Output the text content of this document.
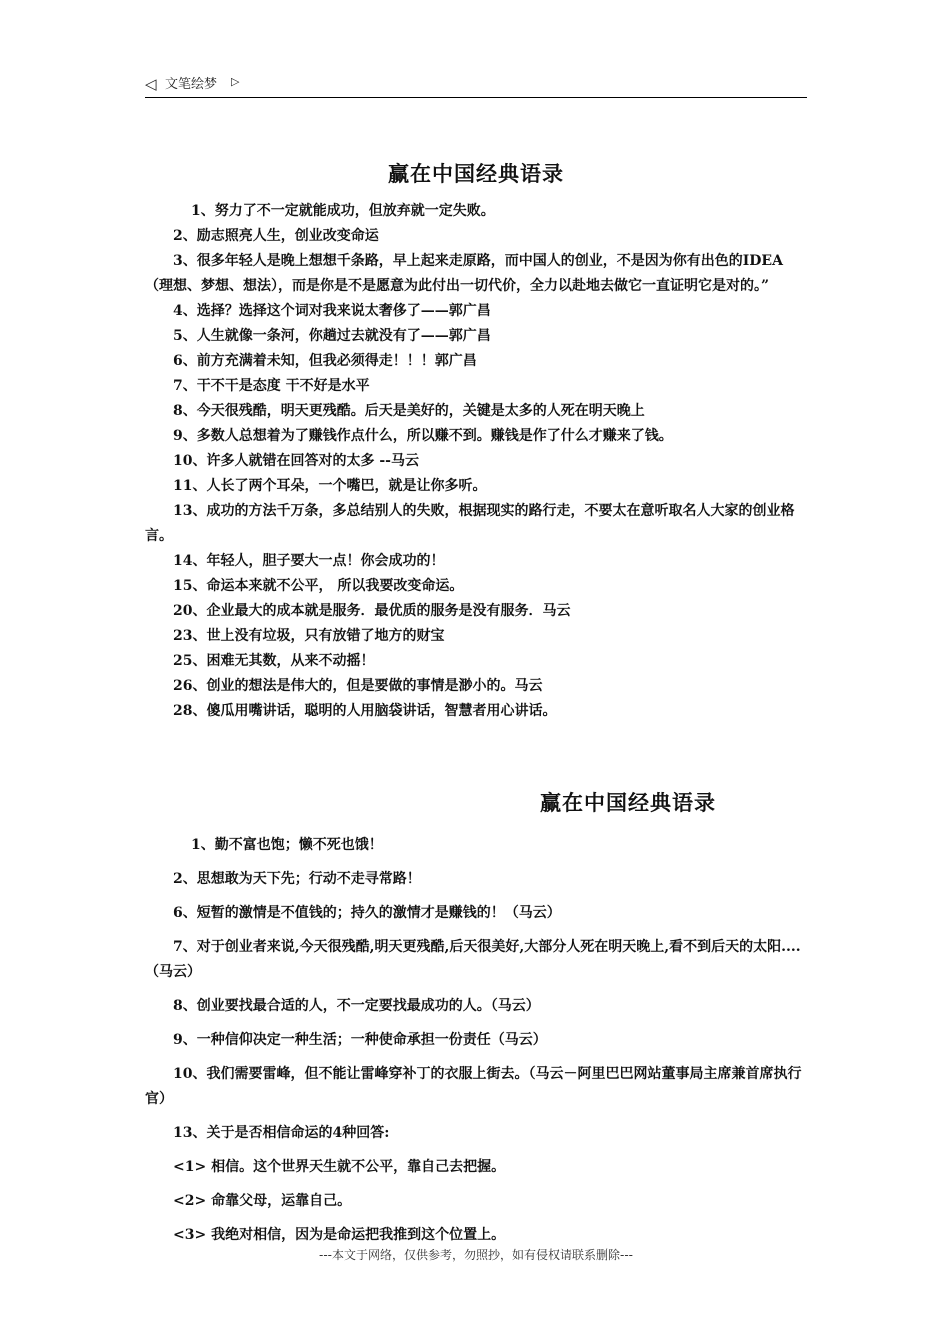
◁ 文笔绘梦 ▷
赢在中国经典语录

1、努力了不一定就能成功，但放弃就一定失败。

2、励志照亮人生，创业改变命运

3、很多年轻人是晚上想想千条路，早上起来走原路，而中国人的创业，不是因为你有出色的IDEA（理想、梦想、想法），而是你是不是愿意为此付出一切代价，全力以赴地去做它一直证明它是对的。”

4、选择？选择这个词对我来说太奢侈了——郭广昌

5、人生就像一条河，你趟过去就没有了——郭广昌

6、前方充满着未知，但我必须得走！！！郭广昌

7、干不干是态度 干不好是水平

8、今天很残酷，明天更残酷。后天是美好的，关键是太多的人死在明天晚上

9、多数人总想着为了赚钱作点什么，所以赚不到。赚钱是作了什么才赚来了钱。

10、许多人就错在回答对的太多 --马云

11、人长了两个耳朵，一个嘴巴，就是让你多听。

13、成功的方法千万条，多总结别人的失败，根据现实的路行走，不要太在意听取名人大家的创业格言。

14、年轻人，胆子要大一点！你会成功的！

15、命运本来就不公平， 所以我要改变命运。

20、企业最大的成本就是服务．最优质的服务是没有服务．马云

23、世上没有垃圾，只有放错了地方的财宝

25、困难无其数，从来不动摇！

26、创业的想法是伟大的，但是要做的事情是渺小的。马云

28、傻瓜用嘴讲话，聪明的人用脑袋讲话，智慧者用心讲话。

赢在中国经典语录

1、勤不富也饱；懒不死也饿！

2、思想敢为天下先；行动不走寻常路！

6、短暂的激情是不值钱的；持久的激情才是赚钱的！（马云）

7、对于创业者来说,今天很残酷,明天更残酷,后天很美好,大部分人死在明天晚上,看不到后天的太阳....（马云）

8、创业要找最合适的人，不一定要找最成功的人。（马云）

9、一种信仰决定一种生活；一种使命承担一份责任（马云）

10、我们需要雷峰，但不能让雷峰穿补丁的衣服上街去。（马云－阿里巴巴网站董事局主席兼首席执行官）

13、关于是否相信命运的4种回答:

<1> 相信。这个世界天生就不公平，靠自己去把握。

<2> 命靠父母，运靠自己。

<3> 我绝对相信，因为是命运把我推到这个位置上。

---本文于网络，仅供参考，勿照抄，如有侵权请联系删除---
